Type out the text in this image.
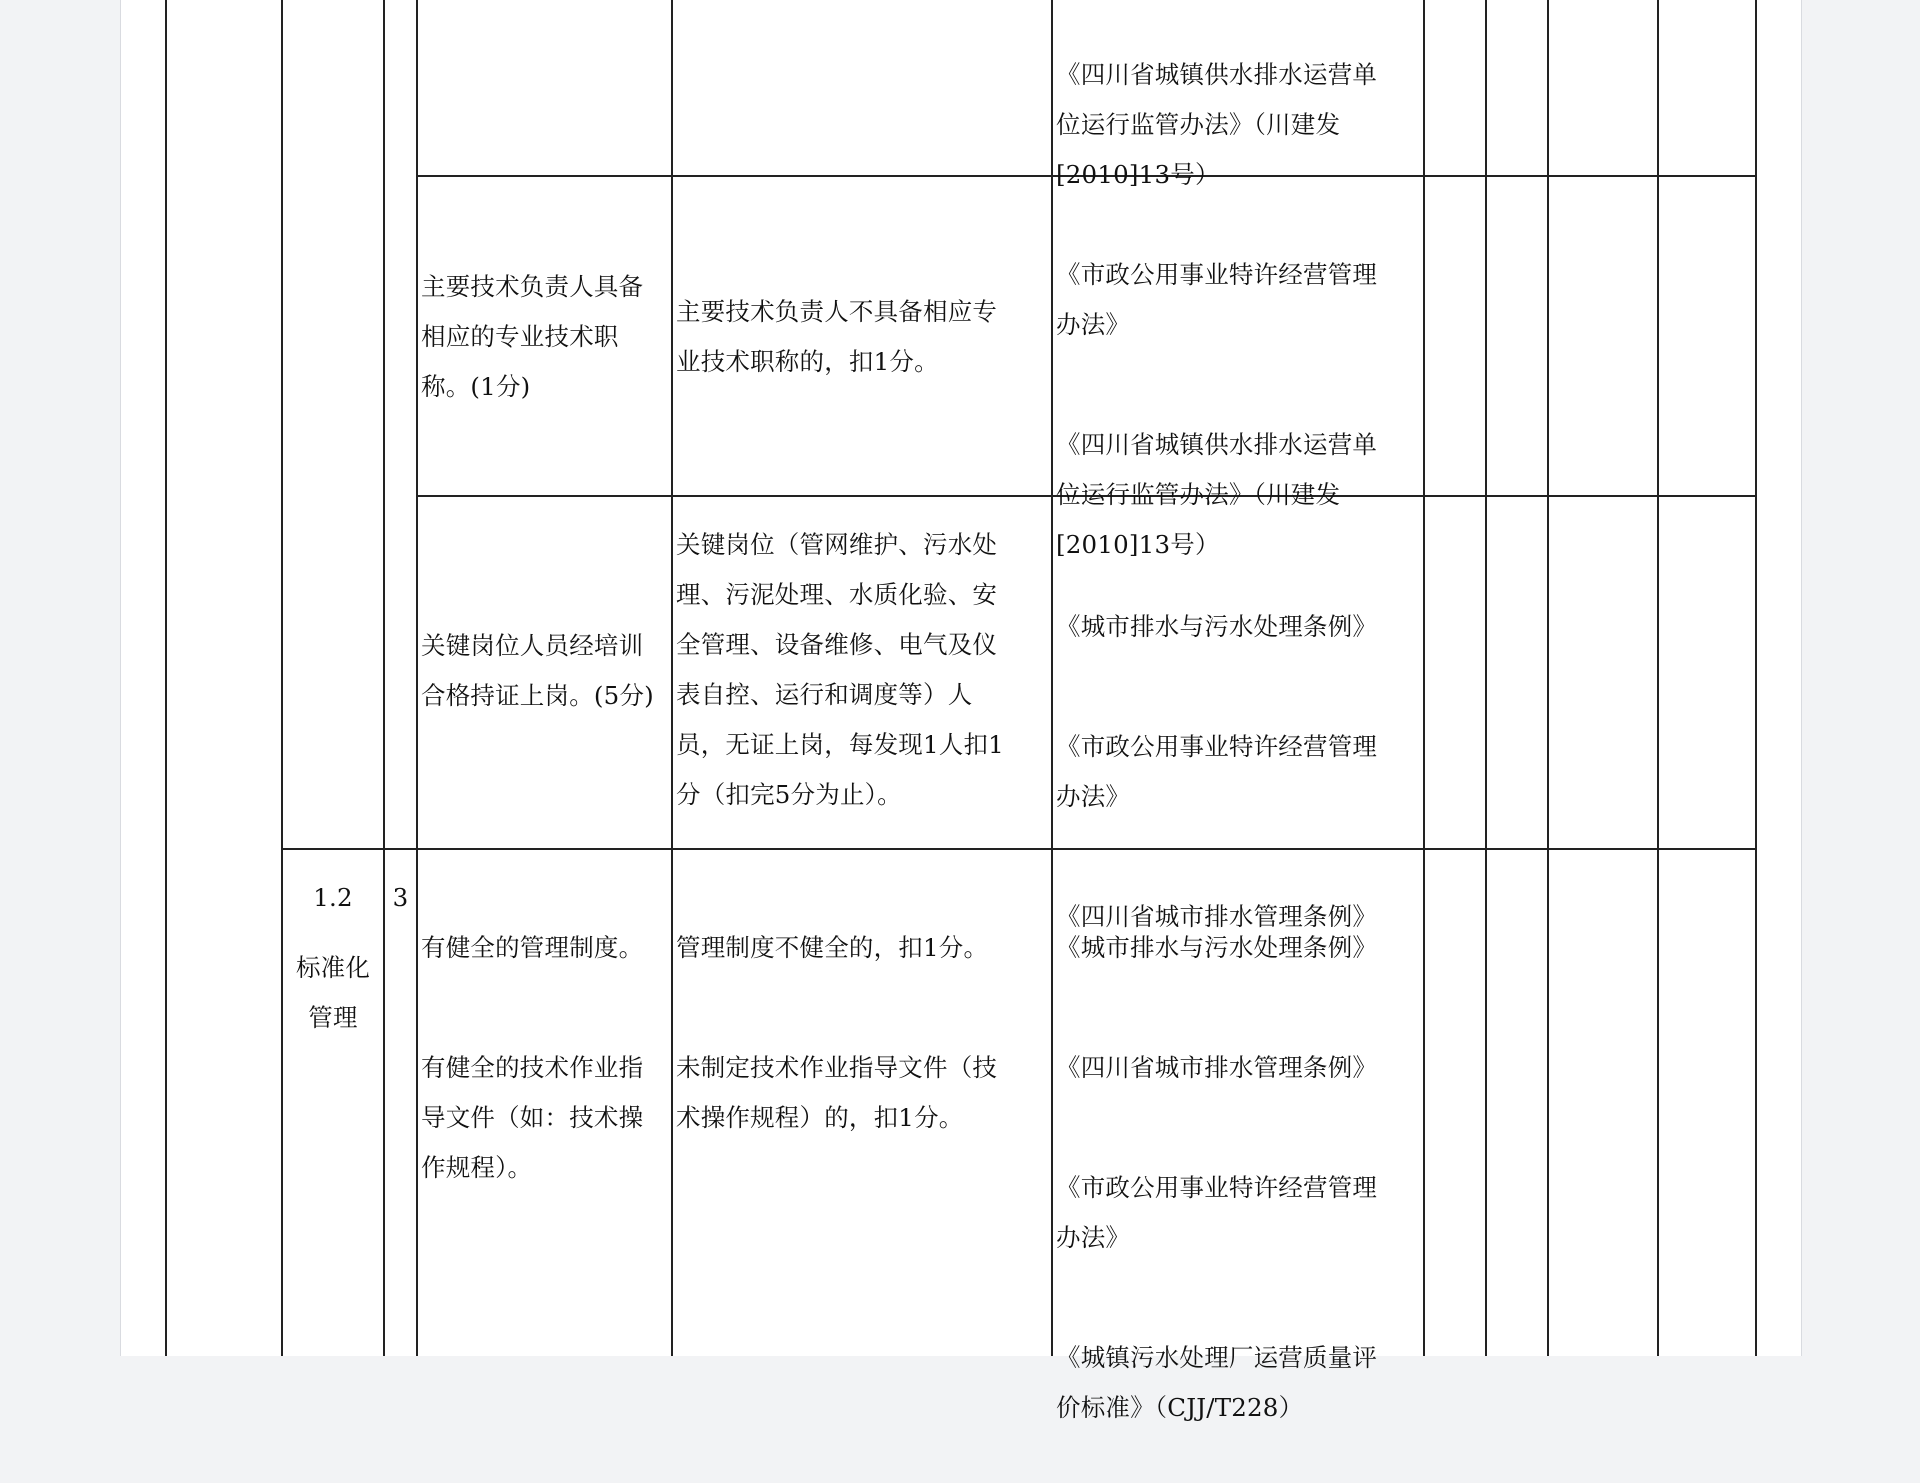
《四川省城镇供水排水运营单
位运行监管办法》（川建发
[2010]13号）

主要技术负责人具备
相应的专业技术职
称。(1分)
主要技术负责人不具备相应专
业技术职称的，扣1分。

《市政公用事业特许经营管理
办法》

《四川省城镇供水排水运营单
位运行监管办法》（川建发
[2010]13号）

关键岗位人员经培训
合格持证上岗。(5分)
关键岗位（管网维护、污水处
理、污泥处理、水质化验、安
全管理、设备维修、电气及仪
表自控、运行和调度等）人
员，无证上岗，每发现1人扣1
分（扣完5分为止）。

《城市排水与污水处理条例》

《市政公用事业特许经营管理
办法》

《四川省城市排水管理条例》

1.2
标准化
管理
3

有健全的管理制度。

有健全的技术作业指
导文件（如：技术操
作规程）。

管理制度不健全的，扣1分。

未制定技术作业指导文件（技
术操作规程）的，扣1分。

《城市排水与污水处理条例》

《四川省城市排水管理条例》

《市政公用事业特许经营管理
办法》

《城镇污水处理厂运营质量评
价标准》（CJJ/T228）
